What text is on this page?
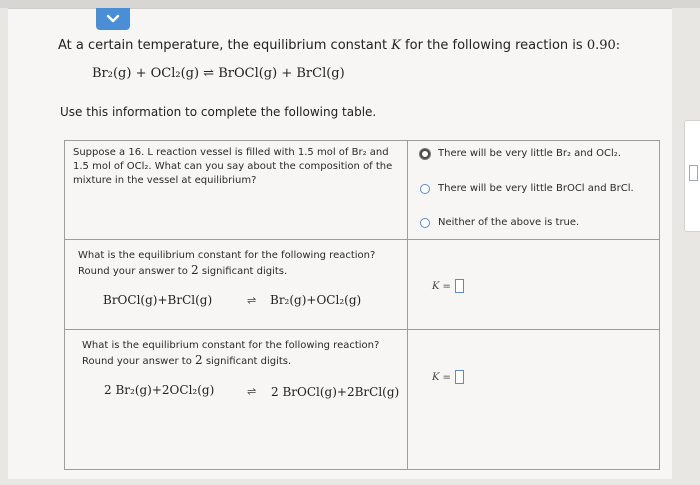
At a certain temperature, the equilibrium constant K for the following reaction is 0.90:
Br₂(g) + OCl₂(g) ⇌ BrOCl(g) + BrCl(g)
Use this information to complete the following table.
Suppose a 16. L reaction vessel is filled with 1.5 mol of Br₂ and 1.5 mol of OCl₂. What can you say about the composition of the mixture in the vessel at equilibrium?
There will be very little Br₂ and OCl₂.
There will be very little BrOCl and BrCl.
Neither of the above is true.
What is the equilibrium constant for the following reaction?
Round your answer to 2 significant digits.
BrOCl(g)+BrCl(g)	⇌ Br₂(g)+OCl₂(g)
K =
What is the equilibrium constant for the following reaction?
Round your answer to 2 significant digits.
2 Br₂(g)+2OCl₂(g)	⇌ 2 BrOCl(g)+2BrCl(g)
K =
